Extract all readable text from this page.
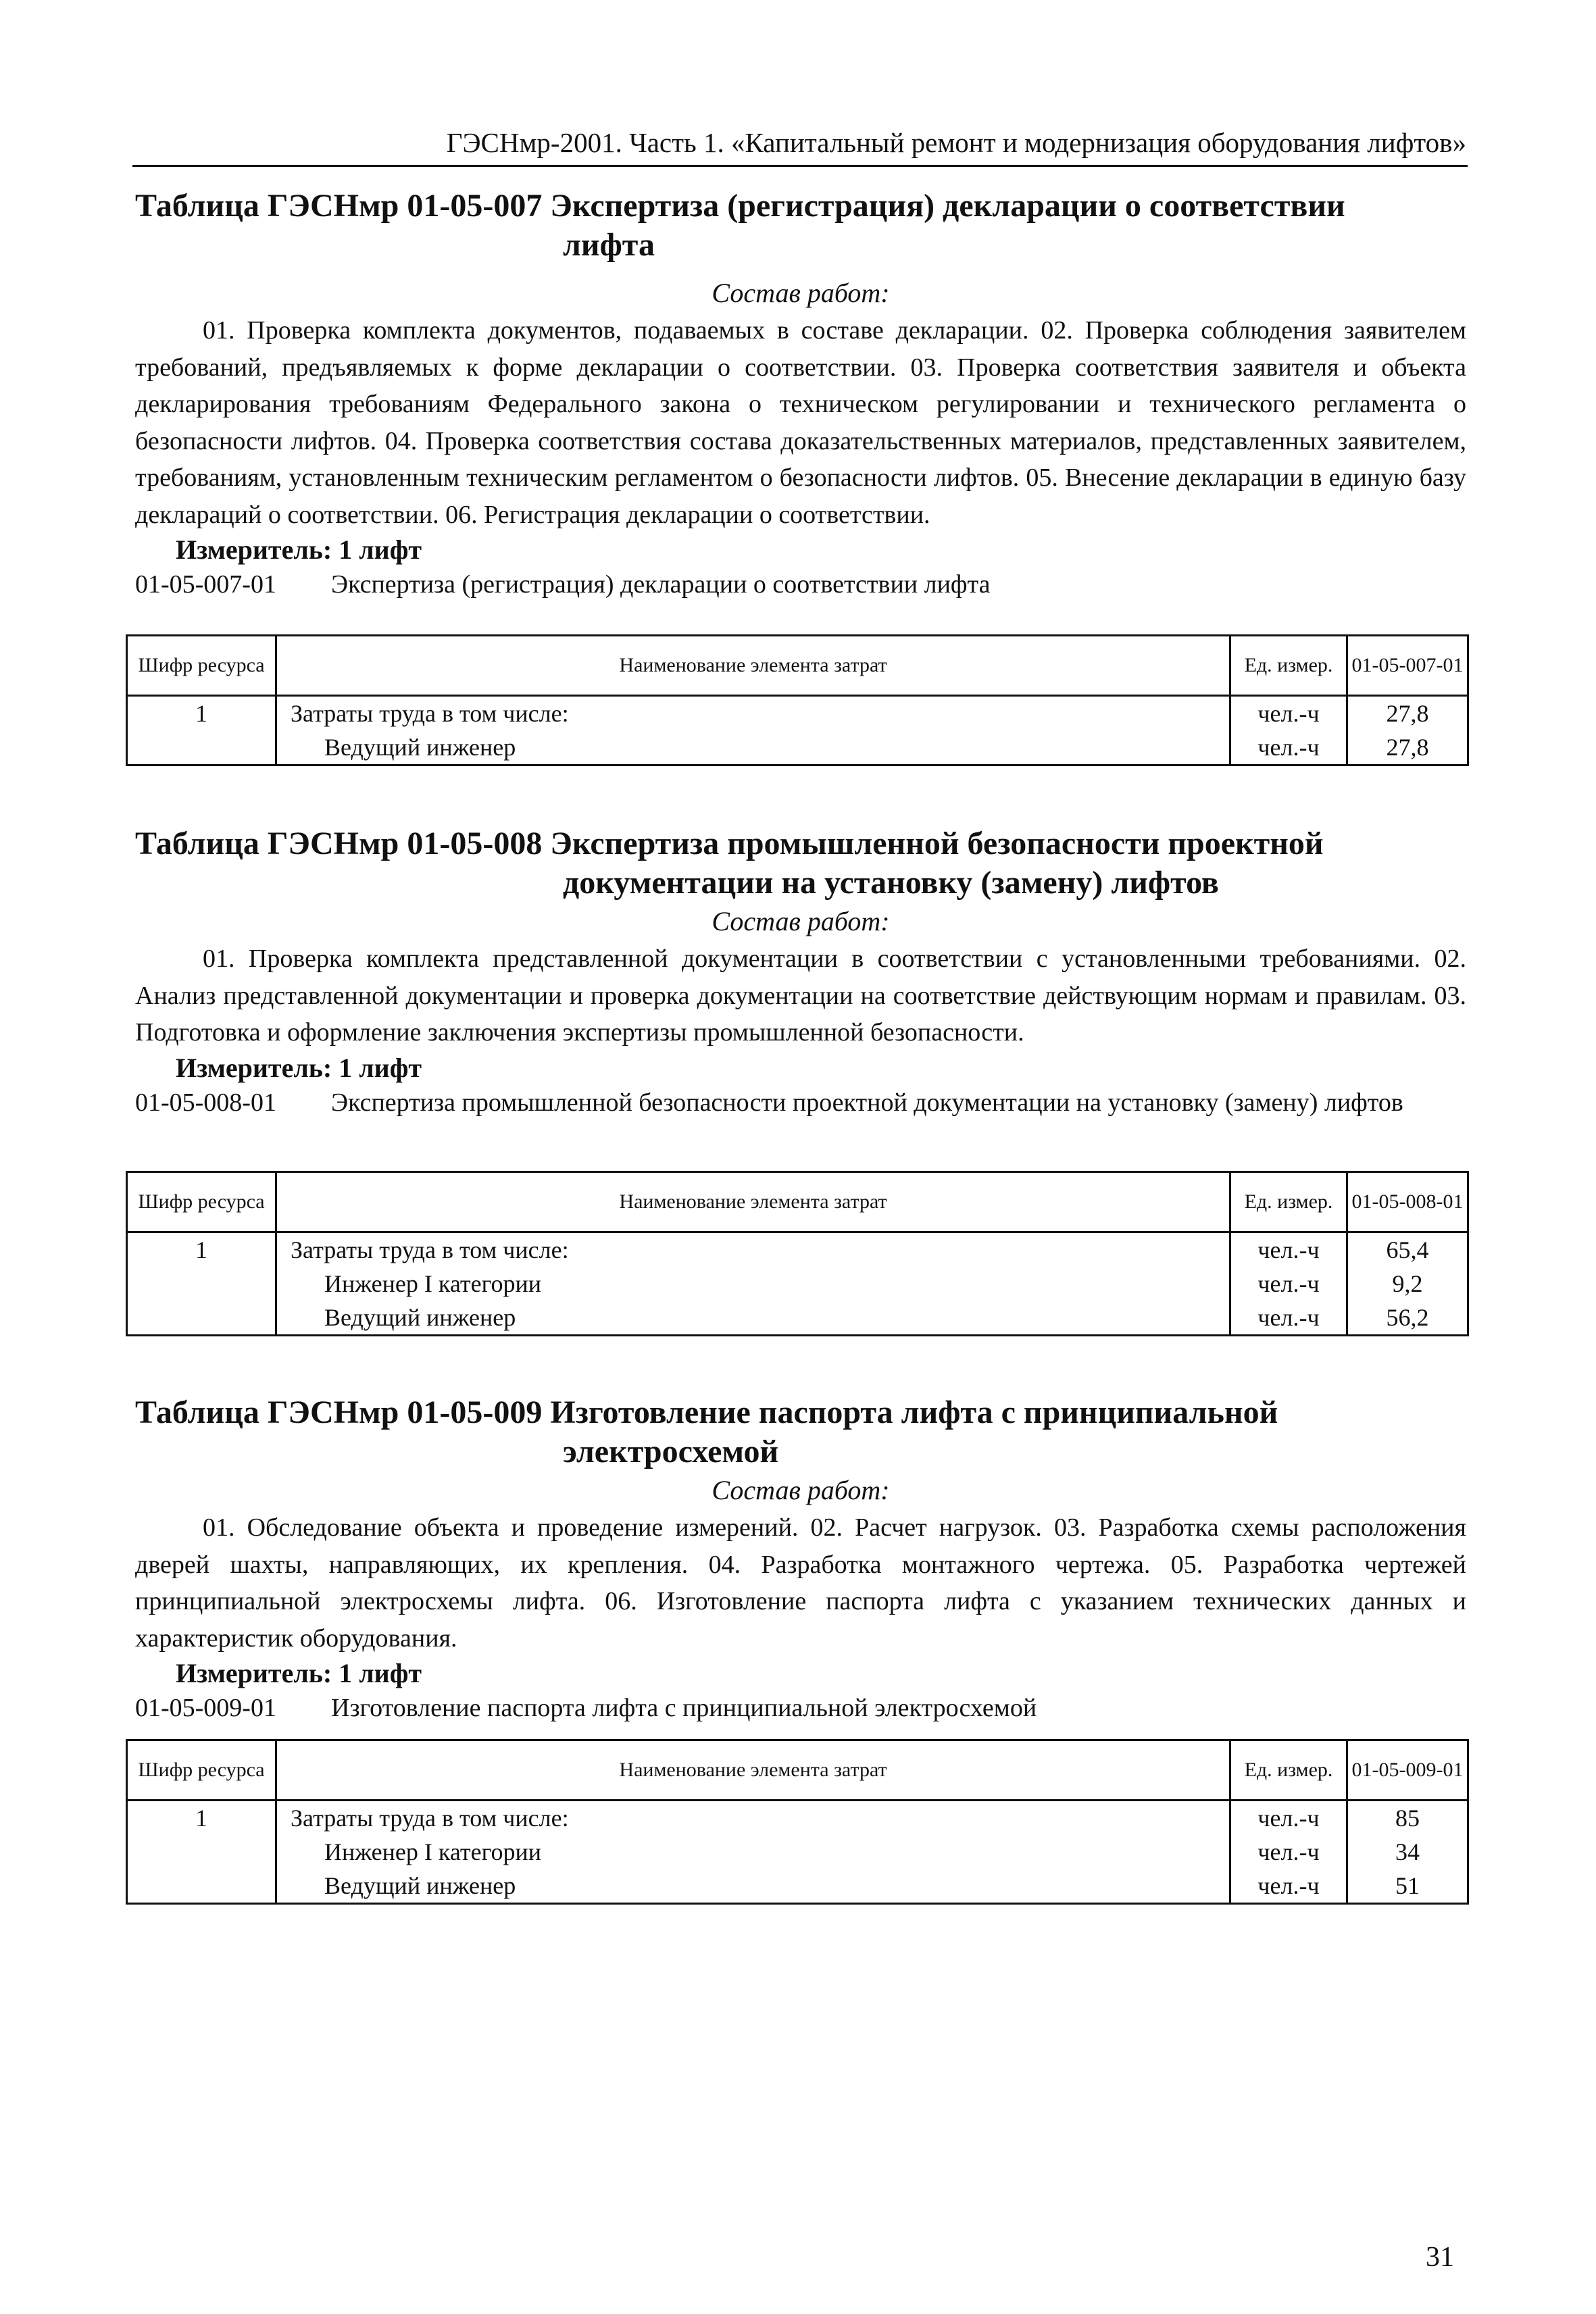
ГЭСНмр-2001. Часть 1. «Капитальный ремонт и модернизация оборудования лифтов»
Таблица ГЭСНмр 01-05-007 Экспертиза (регистрация) декларации о соответствии
лифта

Состав работ:

01. Проверка комплекта документов, подаваемых в составе декларации. 02. Проверка соблюдения заявителем требований, предъявляемых к форме декларации о соответствии. 03. Проверка соответствия заявителя и объекта декларирования требованиям Федерального закона о техническом регулировании и технического регламента о безопасности лифтов. 04. Проверка соответствия состава доказательственных материалов, представленных заявителем, требованиям, установленным техническим регламентом о безопасности лифтов. 05. Внесение декларации в единую базу деклараций о соответствии. 06. Регистрация декларации о соответствии.

Измеритель: 1 лифт

01-05-007-01	Экспертиза (регистрация) декларации о соответствии лифта
Шифр ресурса	Наименование элемента затрат	Ед. измер.	01-05-007-01
1	Затраты труда в том числе:	чел.-ч	27,8
	Ведущий инженер	чел.-ч	27,8
Таблица ГЭСНмр 01-05-008 Экспертиза промышленной безопасности проектной
документации на установку (замену) лифтов

Состав работ:

01. Проверка комплекта представленной документации в соответствии с установленными требованиями. 02. Анализ представленной документации и проверка документации на соответствие действующим нормам и правилам. 03. Подготовка и оформление заключения экспертизы промышленной безопасности.

Измеритель: 1 лифт

01-05-008-01	Экспертиза промышленной безопасности проектной документации на установку (замену) лифтов
Шифр ресурса	Наименование элемента затрат	Ед. измер.	01-05-008-01
1	Затраты труда в том числе:	чел.-ч	65,4
	Инженер I категории	чел.-ч	9,2
	Ведущий инженер	чел.-ч	56,2
Таблица ГЭСНмр 01-05-009 Изготовление паспорта лифта с принципиальной
электросхемой

Состав работ:

01. Обследование объекта и проведение измерений. 02. Расчет нагрузок. 03. Разработка схемы расположения дверей шахты, направляющих, их крепления. 04. Разработка монтажного чертежа. 05. Разработка чертежей принципиальной электросхемы лифта. 06. Изготовление паспорта лифта с указанием технических данных и характеристик оборудования.

Измеритель: 1 лифт

01-05-009-01	Изготовление паспорта лифта с принципиальной электросхемой
Шифр ресурса	Наименование элемента затрат	Ед. измер.	01-05-009-01
1	Затраты труда в том числе:	чел.-ч	85
	Инженер I категории	чел.-ч	34
	Ведущий инженер	чел.-ч	51
31
